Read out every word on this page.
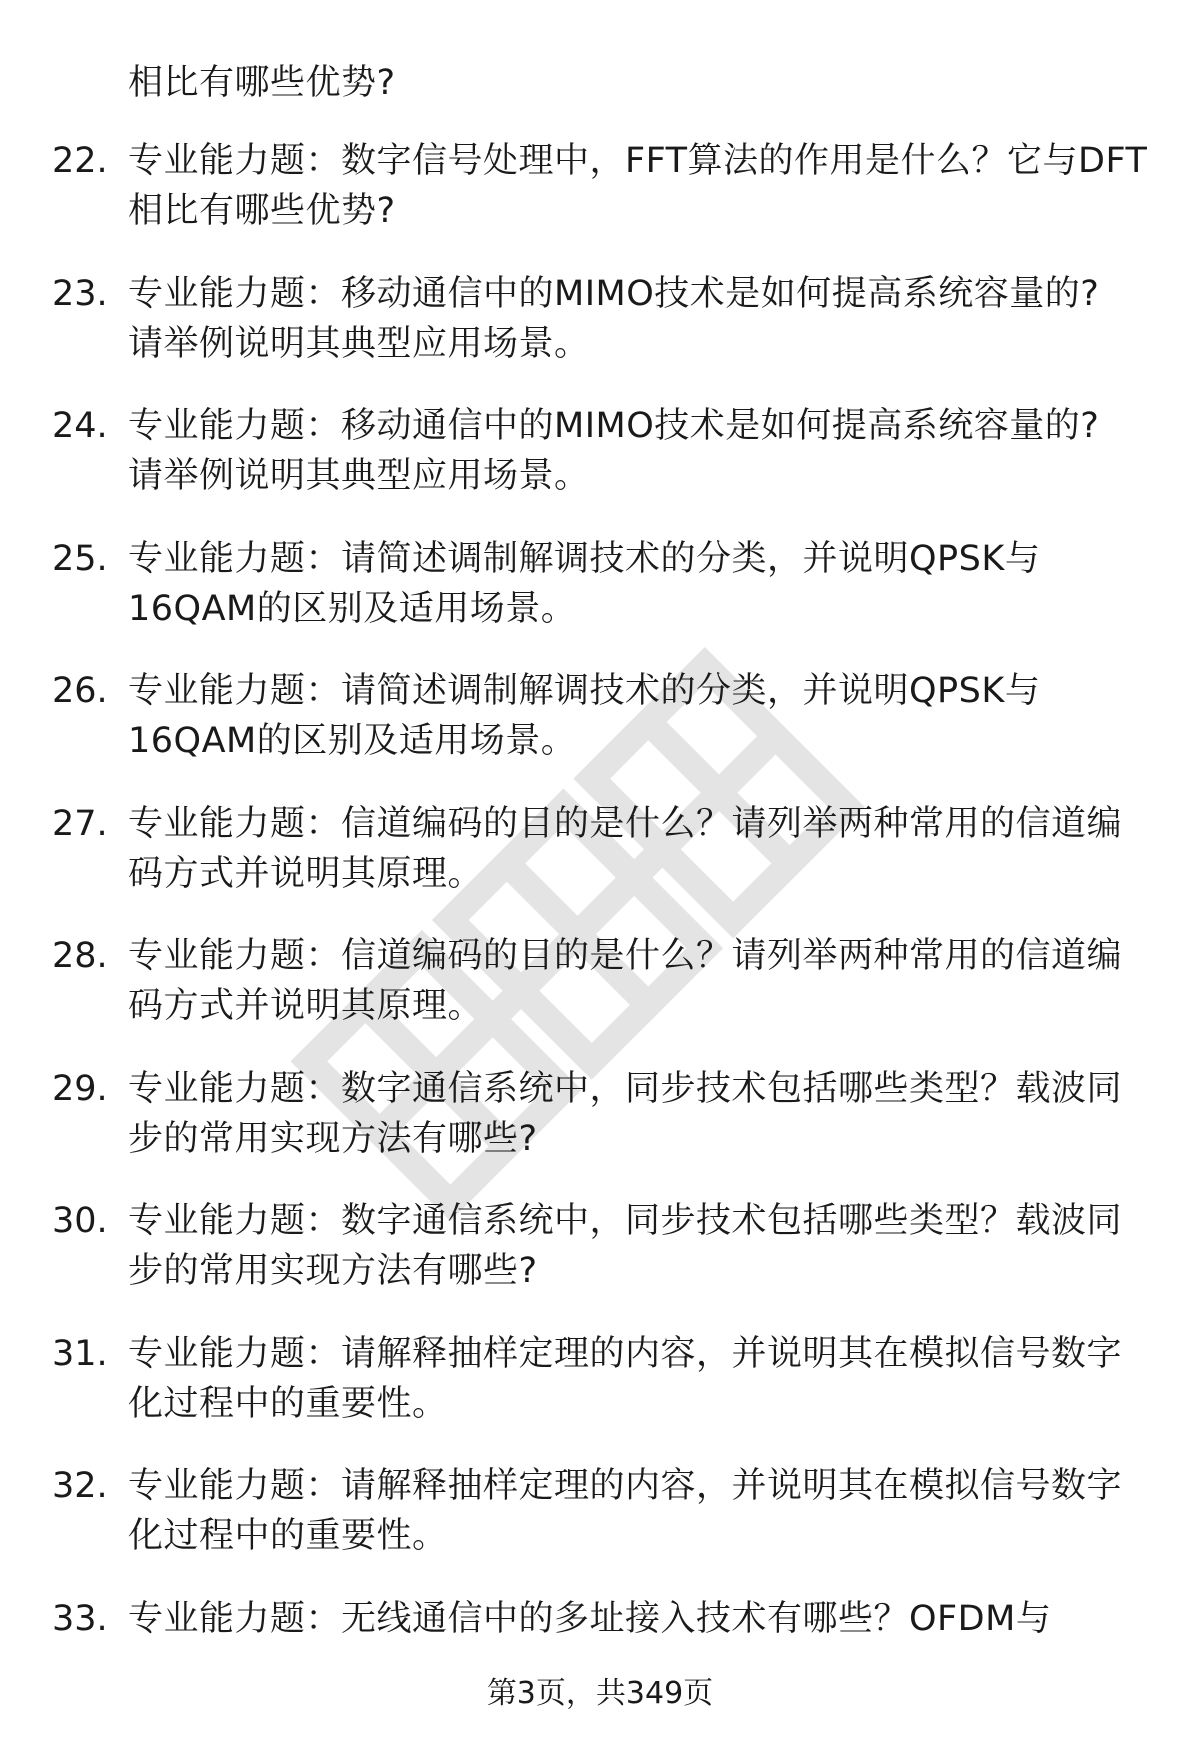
相比有哪些优势?
22. 专业能力题：数字信号处理中，FFT算法的作用是什么？它与DFT
相比有哪些优势?
23. 专业能力题：移动通信中的MIMO技术是如何提高系统容量的?
请举例说明其典型应用场景。
24. 专业能力题：移动通信中的MIMO技术是如何提高系统容量的?
请举例说明其典型应用场景。
25. 专业能力题：请简述调制解调技术的分类，并说明QPSK与
16QAM的区别及适用场景。
26. 专业能力题：请简述调制解调技术的分类，并说明QPSK与
16QAM的区别及适用场景。
27. 专业能力题：信道编码的目的是什么？请列举两种常用的信道编
码方式并说明其原理。
28. 专业能力题：信道编码的目的是什么？请列举两种常用的信道编
码方式并说明其原理。
29. 专业能力题：数字通信系统中，同步技术包括哪些类型？载波同
步的常用实现方法有哪些?
30. 专业能力题：数字通信系统中，同步技术包括哪些类型？载波同
步的常用实现方法有哪些?
31. 专业能力题：请解释抽样定理的内容，并说明其在模拟信号数字
化过程中的重要性。
32. 专业能力题：请解释抽样定理的内容，并说明其在模拟信号数字
化过程中的重要性。
33. 专业能力题：无线通信中的多址接入技术有哪些？OFDM与
第3页，共349页
